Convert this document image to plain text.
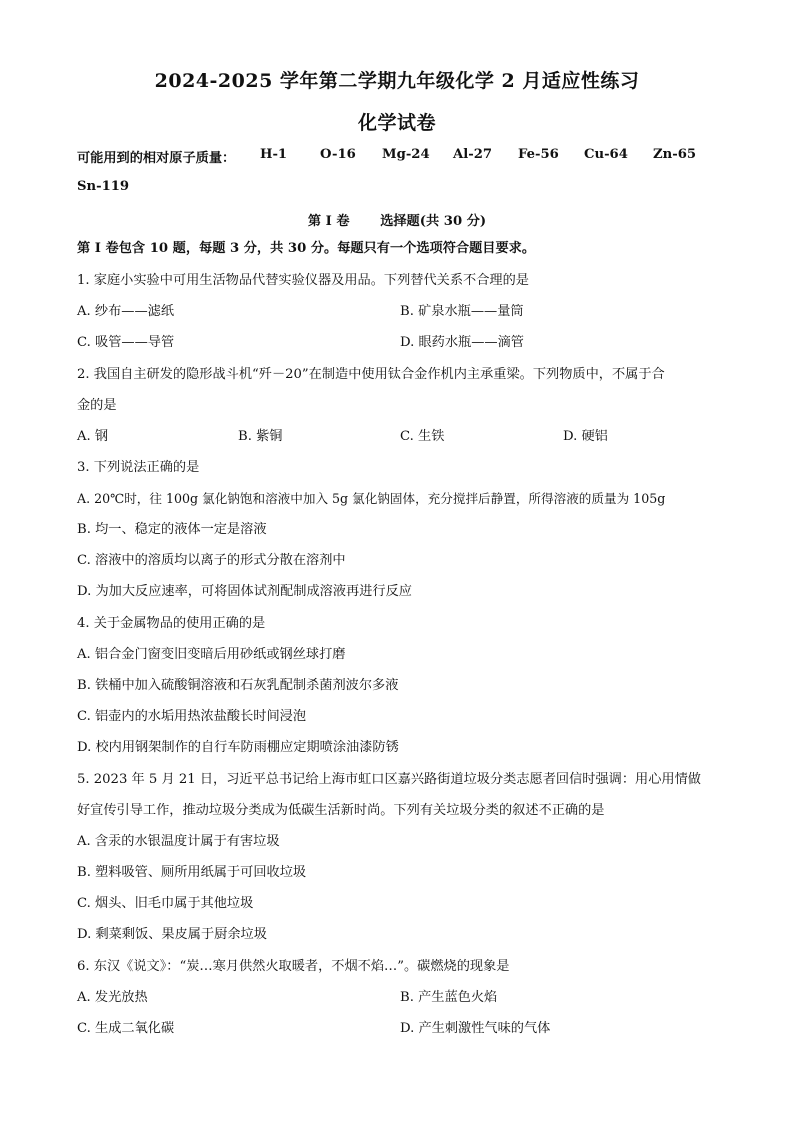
2024-2025 学年第二学期九年级化学 2 月适应性练习
化学试卷
可能用到的相对原子质量： H-1 O-16 Mg-24 Al-27 Fe-56 Cu-64 Zn-65
Sn-119
第 I 卷 选择题(共 30 分)
第 I 卷包含 10 题，每题 3 分，共 30 分。每题只有一个选项符合题目要求。
1. 家庭小实验中可用生活物品代替实验仪器及用品。下列替代关系不合理的是
A. 纱布——滤纸	B. 矿泉水瓶——量筒
C. 吸管——导管	D. 眼药水瓶——滴管
2. 我国自主研发的隐形战斗机“歼－20”在制造中使用钛合金作机内主承重梁。下列物质中，不属于合
金的是
A. 钢	B. 紫铜	C. 生铁	D. 硬铝
3. 下列说法正确的是
A. 20℃时，往 100g 氯化钠饱和溶液中加入 5g 氯化钠固体，充分搅拌后静置，所得溶液的质量为 105g
B. 均一、稳定的液体一定是溶液
C. 溶液中的溶质均以离子的形式分散在溶剂中
D. 为加大反应速率，可将固体试剂配制成溶液再进行反应
4. 关于金属物品的使用正确的是
A. 铝合金门窗变旧变暗后用砂纸或钢丝球打磨
B. 铁桶中加入硫酸铜溶液和石灰乳配制杀菌剂波尔多液
C. 铝壶内的水垢用热浓盐酸长时间浸泡
D. 校内用钢架制作的自行车防雨棚应定期喷涂油漆防锈
5. 2023 年 5 月 21 日，习近平总书记给上海市虹口区嘉兴路街道垃圾分类志愿者回信时强调：用心用情做
好宣传引导工作，推动垃圾分类成为低碳生活新时尚。下列有关垃圾分类的叙述不正确的是
A. 含汞的水银温度计属于有害垃圾
B. 塑料吸管、厕所用纸属于可回收垃圾
C. 烟头、旧毛巾属于其他垃圾
D. 剩菜剩饭、果皮属于厨余垃圾
6. 东汉《说文》：“炭…寒月供然火取暖者，不烟不焰…”。碳燃烧的现象是
A. 发光放热	B. 产生蓝色火焰
C. 生成二氧化碳	D. 产生刺激性气味的气体
